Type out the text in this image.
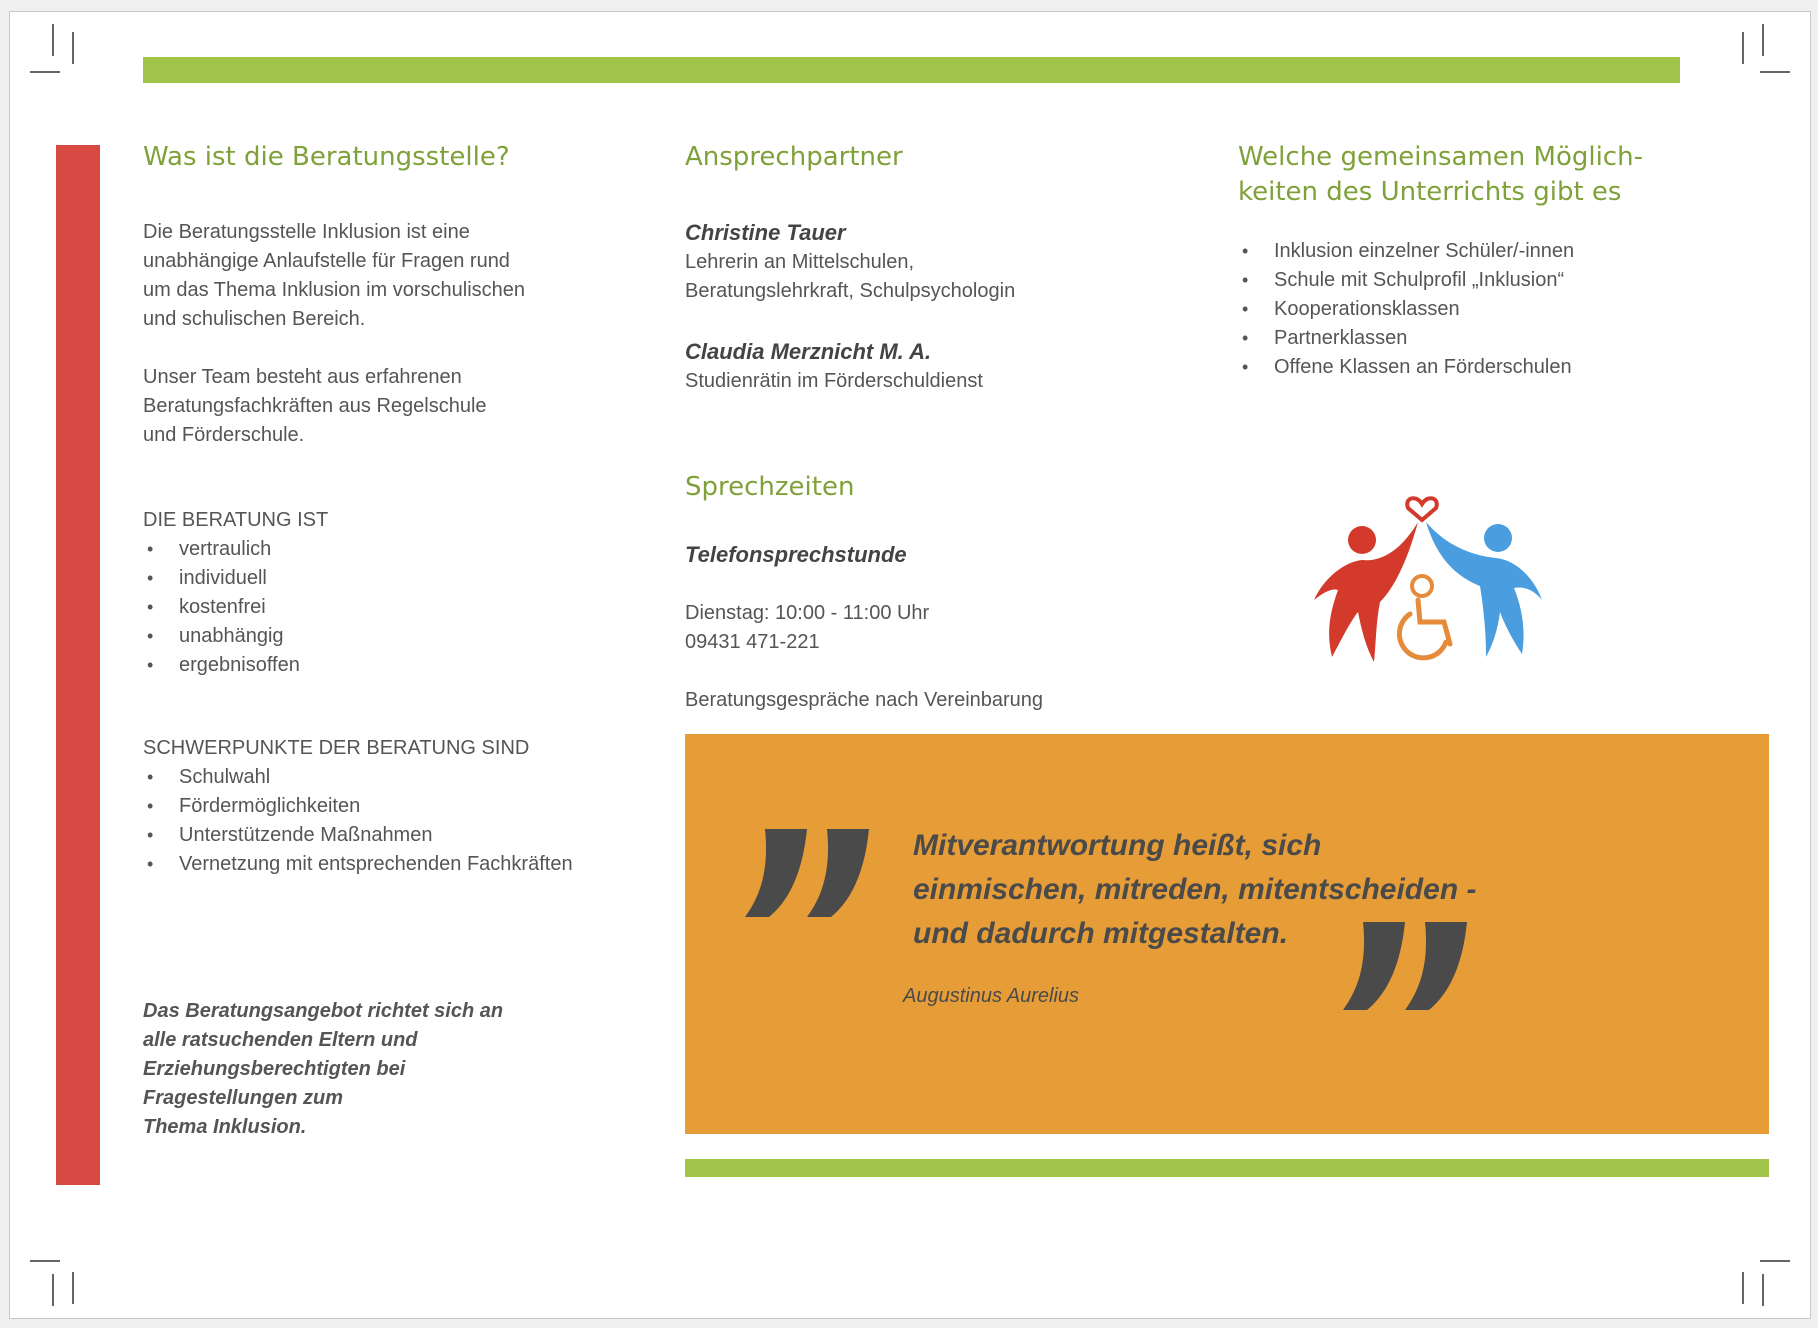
Was ist die Beratungsstelle?

Die Beratungsstelle Inklusion ist eine

unabhängige Anlaufstelle für Fragen rund

um das Thema Inklusion im vorschulischen

und schulischen Bereich.

Unser Team besteht aus erfahrenen

Beratungsfachkräften aus Regelschule

und Förderschule.

DIE BERATUNG IST
• vertraulich
• individuell
• kostenfrei
• unabhängig
• ergebnisoffen
SCHWERPUNKTE DER BERATUNG SIND
• Schulwahl
• Fördermöglichkeiten
• Unterstützende Maßnahmen
• Vernetzung mit entsprechenden Fachkräften
Das Beratungsangebot richtet sich an
alle ratsuchenden Eltern und
Erziehungsberechtigten bei
Fragestellungen zum
Thema Inklusion.
Ansprechpartner
Christine Tauer

Lehrerin an Mittelschulen,

Beratungslehrkraft, Schulpsychologin

Claudia Merznicht M. A.

Studienrätin im Förderschuldienst

Sprechzeiten
Telefonsprechstunde

Dienstag: 10:00 - 11:00 Uhr

09431 471-221

Beratungsgespräche nach Vereinbarung

Welche gemeinsamen Möglich-
keiten des Unterrichts gibt es
• Inklusion einzelner Schüler/-innen
• Schule mit Schulprofil „Inklusion“
• Kooperationsklassen
• Partnerklassen
• Offene Klassen an Förderschulen
Mitverantwortung heißt, sich
einmischen, mitreden, mitentscheiden -
und dadurch mitgestalten.
Augustinus Aurelius
